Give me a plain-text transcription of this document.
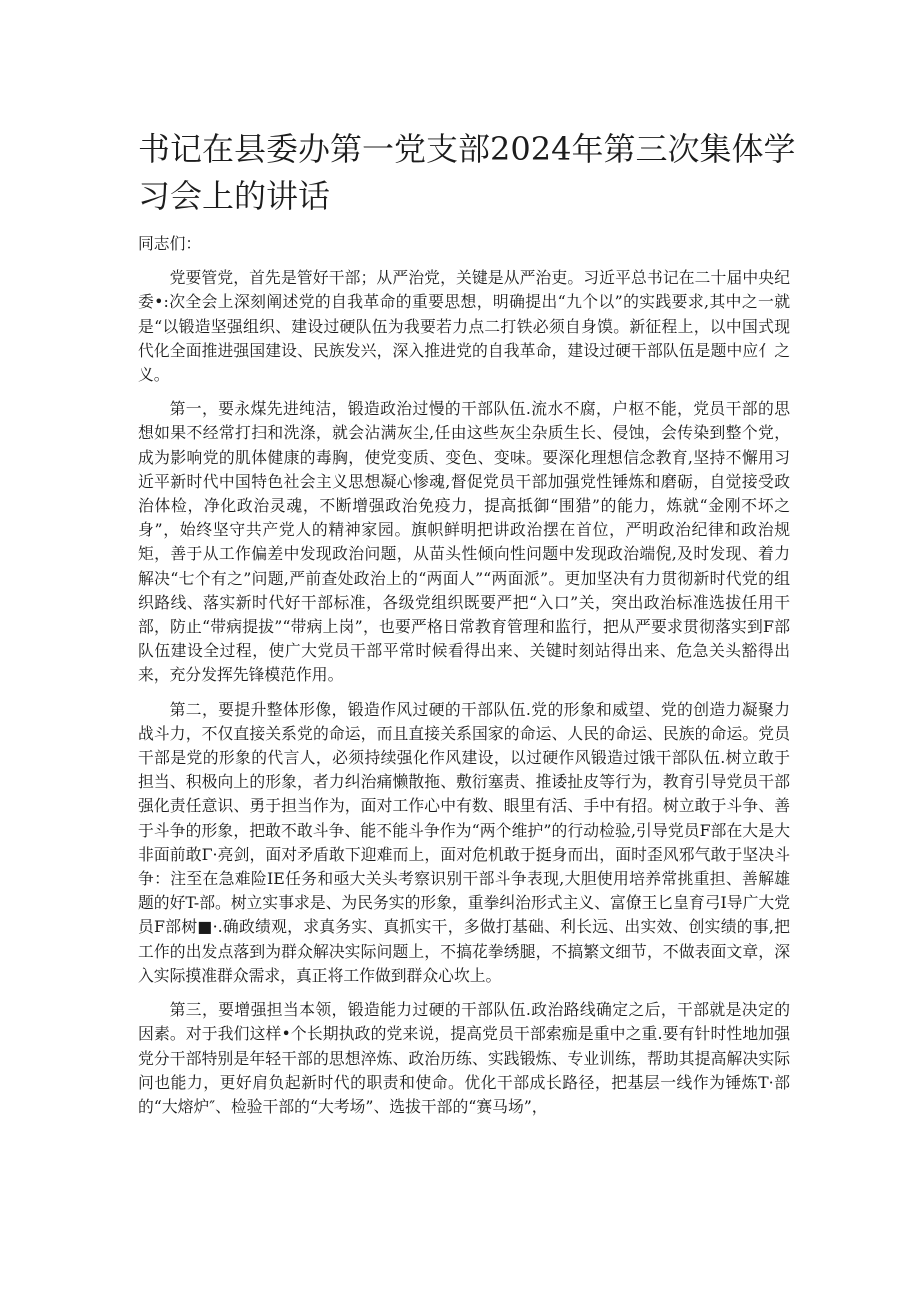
书记在县委办第一党支部2024年第三次集体学习会上的讲话

同志们：

党要管党，首先是管好干部；从严治党，关键是从严治吏。习近平总书记在二十届中央纪委•:次全会上深刻阐述党的自我革命的重要思想，明确提出“九个以”的实践要求,其中之一就是“以锻造坚强组织、建设过硬队伍为我要若力点二打铁必须自身馍。新征程上，以中国式现代化全面推进强国建设、民族发兴，深入推进党的自我革命，建设过硬干部队伍是题中应亻之义。

第一，要永煤先进纯洁，锻造政治过慢的干部队伍.流水不腐，户枢不能，党员干部的思想如果不经常打扫和洗涤，就会沾满灰尘,任由这些灰尘杂质生长、侵蚀，会传染到整个党，成为影响党的肌体健康的毒胸，使党变质、变色、变味。要深化理想信念教育,坚持不懈用习近平新时代中国特色社会主义思想凝心惨魂,督促党员干部加强党性锤炼和磨砺，自觉接受政治体检，净化政治灵魂，不断增强政治免疫力，提高抵御“围猎”的能力，炼就“金刚不坏之身”，始终坚守共产党人的精神家园。旗帜鲜明把讲政治摆在首位，严明政治纪律和政治规矩，善于从工作偏差中发现政治问题，从苗头性倾向性问题中发现政治端倪,及时发现、着力解决“七个有之”问题,严前查处政治上的“两面人”“两面派”。更加坚决有力贯彻新时代党的组织路线、落实新时代好干部标准，各级党组织既要严把“入口”关，突出政治标准选拔任用干部，防止“带病提拔”“带病上岗”，也要严格日常教育管理和监行，把从严要求贯彻落实到F部队伍建设全过程，使广大党员干部平常时候看得出来、关键时刻站得出来、危急关头豁得出来，充分发挥先锋模范作用。

第二，要提升整体形像，锻造作风过硬的干部队伍.党的形象和威望、党的创造力凝聚力战斗力，不仅直接关系党的命运，而且直接关系国家的命运、人民的命运、民族的命运。党员干部是党的形象的代言人，必须持续强化作风建设，以过硬作风锻造过饿干部队伍.树立敢于担当、积极向上的形象，者力纠治痛懒散拖、敷衍塞责、推诿扯皮等行为，教育引导党员干部强化责任意识、勇于担当作为，面对工作心中有数、眼里有活、手中有招。树立敢于斗争、善于斗争的形象，把敢不敢斗争、能不能斗争作为“两个维护”的行动检验,引导党员F部在大是大非面前敢Γ·亮剑，面对矛盾敢下迎难而上，面对危机敢于挺身而出，面时歪风邪气敢于坚决斗争：注至在急难险IE任务和亟大关头考察识别干部斗争表现,大胆使用培养常挑重担、善解雄题的好T-部。树立实事求是、为民务实的形象，重拳纠治形式主义、富僚王匕皇育弓I导广大党员F部树■·.确政绩观，求真务实、真抓实干，多做打基础、利长远、出实效、创实绩的事,把工作的出发点落到为群众解决实际问题上，不搞花拳绣腿，不搞繁文细节，不做表面文章，深入实际摸准群众需求，真正将工作做到群众心坎上。

第三，要增强担当本领，锻造能力过硬的干部队伍.政治路线确定之后，干部就是决定的因素。对于我们这样•个长期执政的党来说，提高党员干部索痂是重中之重.要有针时性地加强党分干部特别是年轻干部的思想淬炼、政治历练、实践锻炼、专业训练，帮助其提高解决实际问也能力，更好肩负起新时代的职责和使命。优化干部成长路径，把基层一线作为锤炼T·部的“大熔炉″、检验干部的“大考场”、选拔干部的“赛马场”，
